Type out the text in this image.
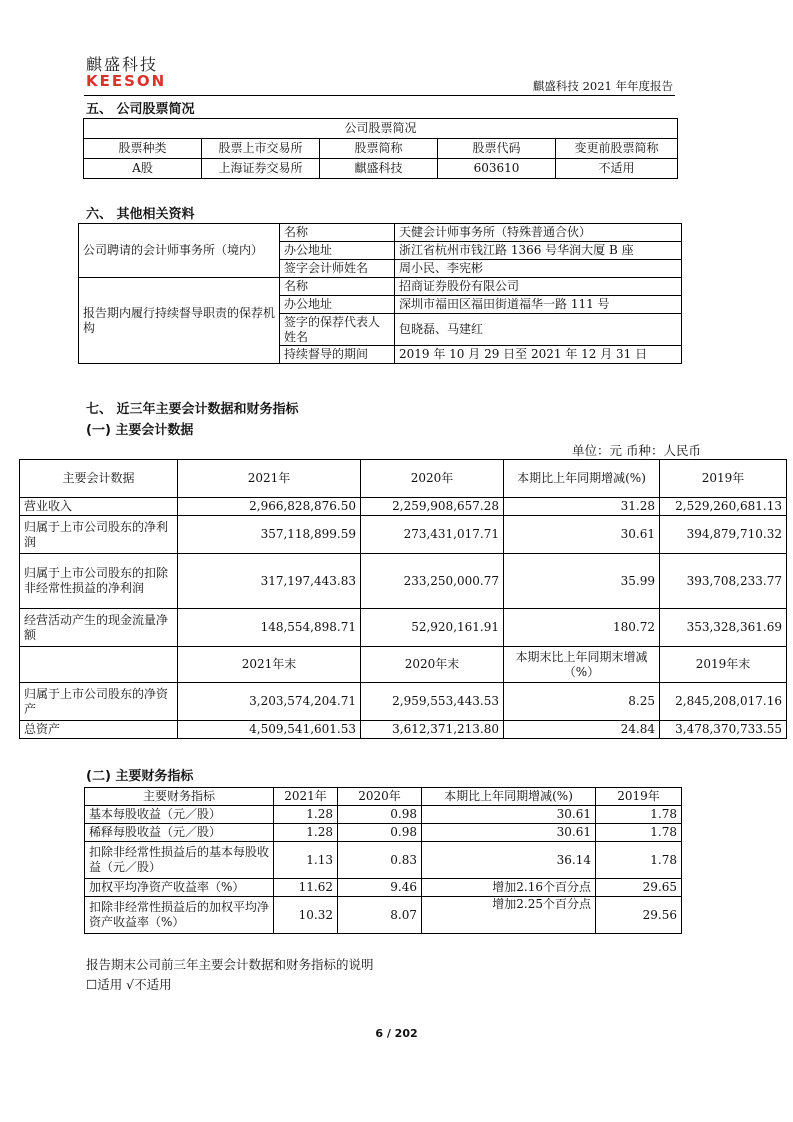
麒盛科技
KEESON	麒盛科技 2021 年年度报告
五、 公司股票简况
公司股票简况				
股票种类	股票上市交易所	股票简称	股票代码	变更前股票简称
A股	上海证券交易所	麒盛科技	603610	不适用
六、 其他相关资料
公司聘请的会计师事务所（境内）	名称	天健会计师事务所（特殊普通合伙）
	办公地址	浙江省杭州市钱江路 1366 号华润大厦 B 座
	签字会计师姓名	周小民、李宪彬
报告期内履行持续督导职责的保荐机构	名称	招商证券股份有限公司
	办公地址	深圳市福田区福田街道福华一路 111 号
	签字的保荐代表人姓名	包晓磊、马建红
	持续督导的期间	2019 年 10 月 29 日至 2021 年 12 月 31 日
七、 近三年主要会计数据和财务指标
(一) 主要会计数据
单位：元 币种：人民币
主要会计数据	2021年	2020年	本期比上年同期增减(%)	2019年
营业收入	2,966,828,876.50	2,259,908,657.28	31.28	2,529,260,681.13
归属于上市公司股东的净利润	357,118,899.59	273,431,017.71	30.61	394,879,710.32
归属于上市公司股东的扣除非经常性损益的净利润	317,197,443.83	233,250,000.77	35.99	393,708,233.77
经营活动产生的现金流量净额	148,554,898.71	52,920,161.91	180.72	353,328,361.69
	2021年末	2020年末	本期末比上年同期末增减（%）	2019年末
归属于上市公司股东的净资产	3,203,574,204.71	2,959,553,443.53	8.25	2,845,208,017.16
总资产	4,509,541,601.53	3,612,371,213.80	24.84	3,478,370,733.55
(二) 主要财务指标
主要财务指标	2021年	2020年	本期比上年同期增减(%)	2019年
基本每股收益（元／股）	1.28	0.98	30.61	1.78
稀释每股收益（元／股）	1.28	0.98	30.61	1.78
扣除非经常性损益后的基本每股收益（元／股）	1.13	0.83	36.14	1.78
加权平均净资产收益率（%）	11.62	9.46	增加2.16个百分点	29.65
扣除非经常性损益后的加权平均净资产收益率（%）	10.32	8.07	增加2.25个百分点	29.56
报告期末公司前三年主要会计数据和财务指标的说明
☐适用 √不适用
6 / 202
